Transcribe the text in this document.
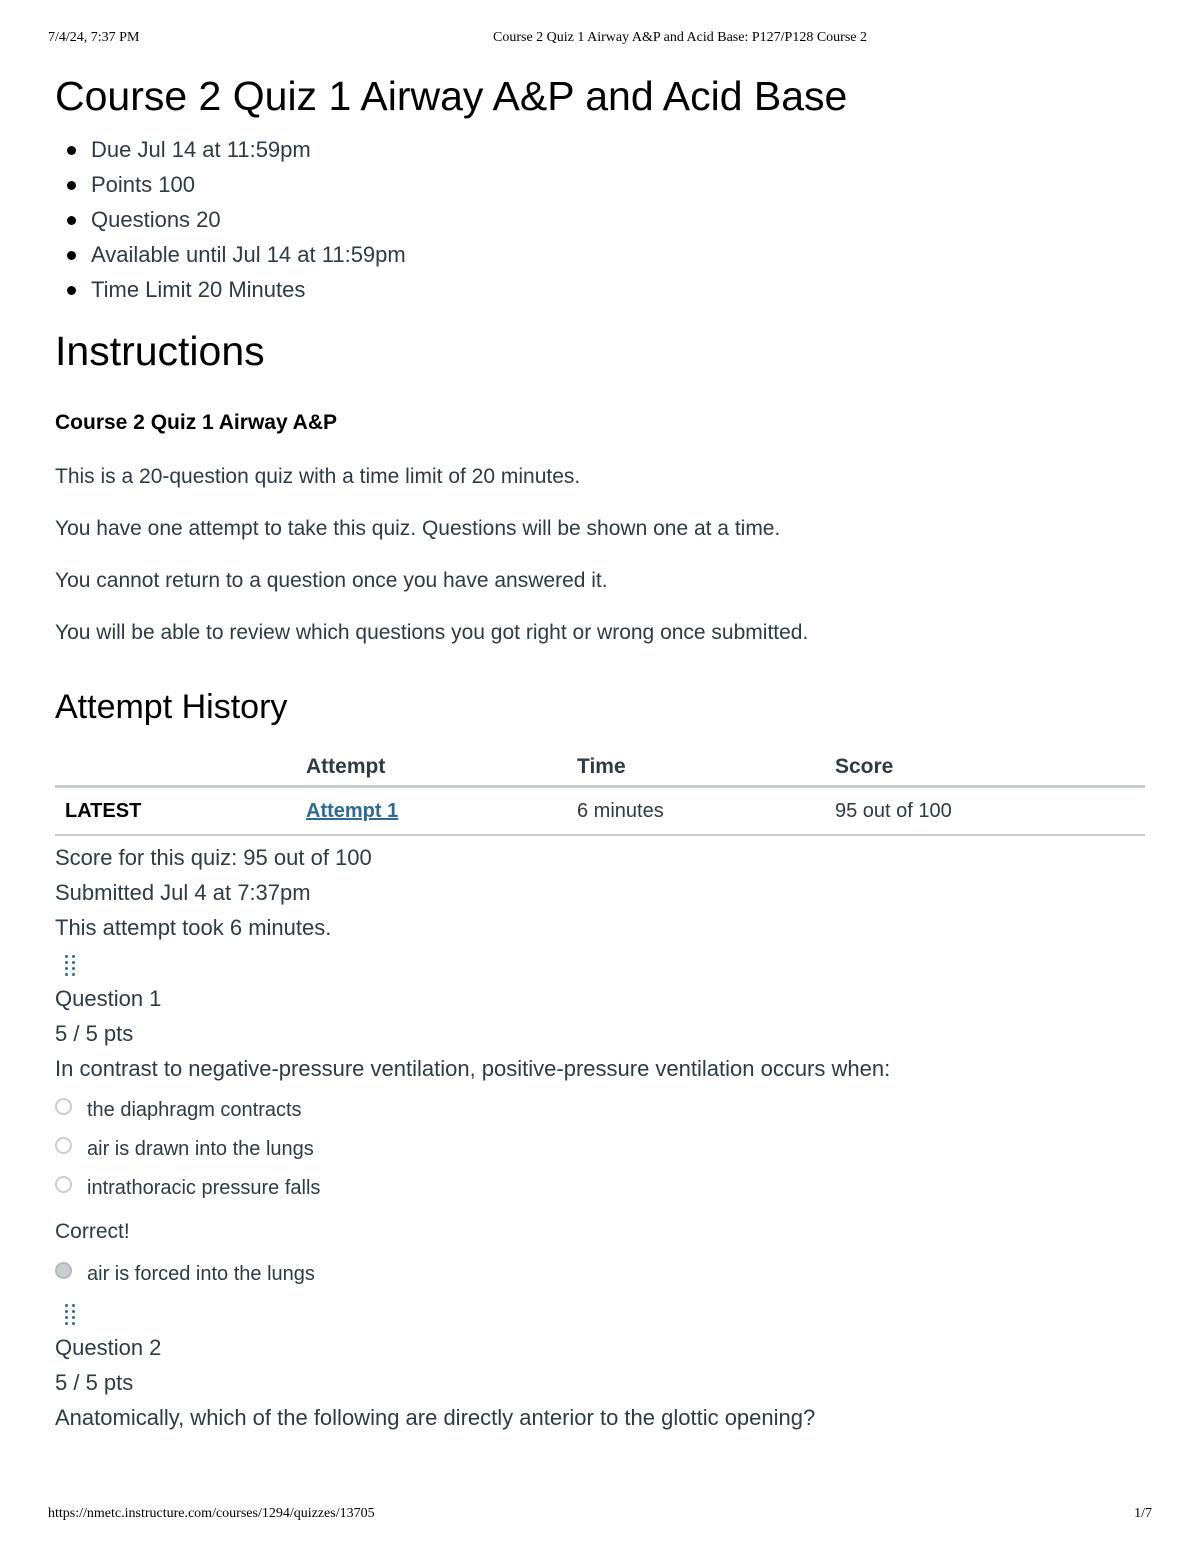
7/4/24, 7:37 PM	Course 2 Quiz 1 Airway A&P and Acid Base: P127/P128 Course 2
Course 2 Quiz 1 Airway A&P and Acid Base
Due Jul 14 at 11:59pm
Points 100
Questions 20
Available until Jul 14 at 11:59pm
Time Limit 20 Minutes
Instructions
Course 2 Quiz 1 Airway A&P

This is a 20-question quiz with a time limit of 20 minutes.

You have one attempt to take this quiz. Questions will be shown one at a time.

You cannot return to a question once you have answered it.

You will be able to review which questions you got right or wrong once submitted.

Attempt History
	Attempt	Time	Score
LATEST	Attempt 1	6 minutes	95 out of 100
Score for this quiz: 95 out of 100
Submitted Jul 4 at 7:37pm
This attempt took 6 minutes.
Question 1
5 / 5 pts
In contrast to negative-pressure ventilation, positive-pressure ventilation occurs when:
the diaphragm contracts
air is drawn into the lungs
intrathoracic pressure falls
Correct!
air is forced into the lungs
Question 2
5 / 5 pts
Anatomically, which of the following are directly anterior to the glottic opening?
https://nmetc.instructure.com/courses/1294/quizzes/13705	1/7
